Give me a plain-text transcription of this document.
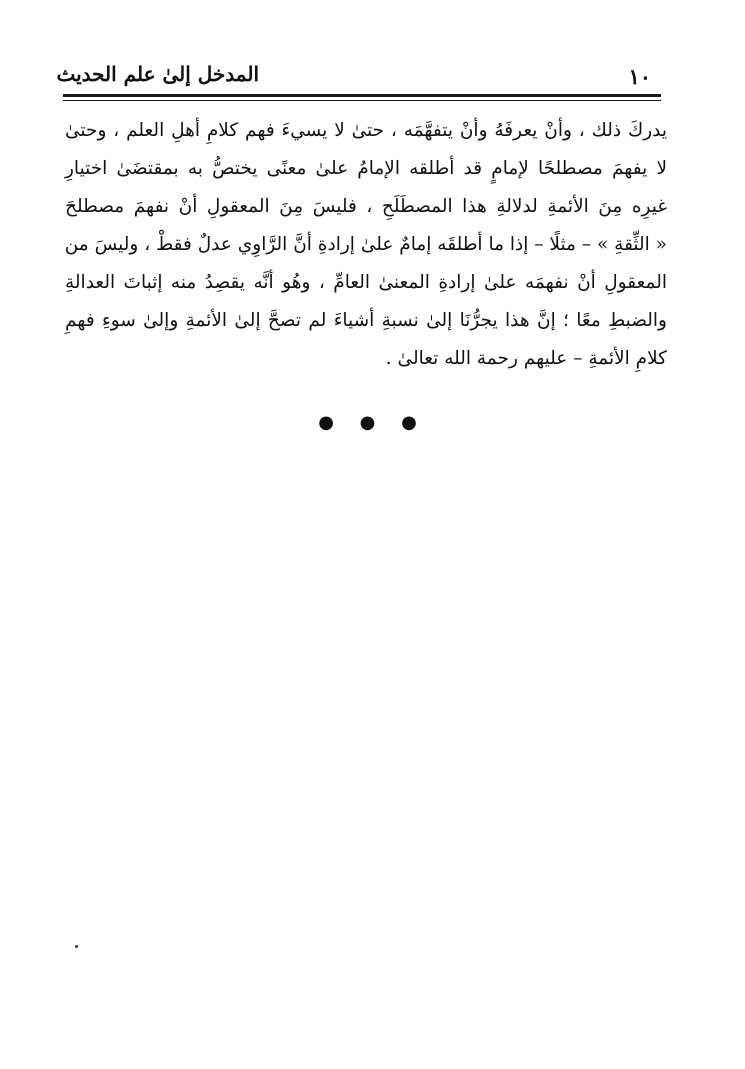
١٠
المدخل إلىٰ علم الحديث
يدركَ ذلك ، وأنْ يعرفَهُ وأنْ يتفهَّمَه ، حتىٰ لا يسيءَ فهم كلامِ أهلِ العلم ، وحتىٰ
لا يفهمَ مصطلحًا لإمامٍ قد أطلقه الإمامُ علىٰ معنًى يختصُّ به بمقتضَىٰ اختيارِ
غيرِه مِنَ الأئمةِ لدلالةِ هذا المصطَلَحِ ، فليسَ مِنَ المعقولِ أنْ نفهمَ مصطلحَ
« الثِّقةِ » – مثلًا – إذا ما أطلقَه إمامٌ علىٰ إرادةِ أنَّ الرَّاوِي عدلٌ فقطْ ، وليسَ من
المعقولِ أنْ نفهمَه علىٰ إرادةِ المعنىٰ العامِّ ، وهُو أنَّه يقصِدُ منه إثباتَ العدالةِ
والضبطِ معًا ؛ إنَّ هذا يجرُّنَا إلىٰ نسبةِ أشياءَ لم تصحَّ إلىٰ الأئمةِ وإلىٰ سوءِ فهمِ
كلامِ الأئمةِ – عليهم رحمة الله تعالىٰ .
● ● ●
